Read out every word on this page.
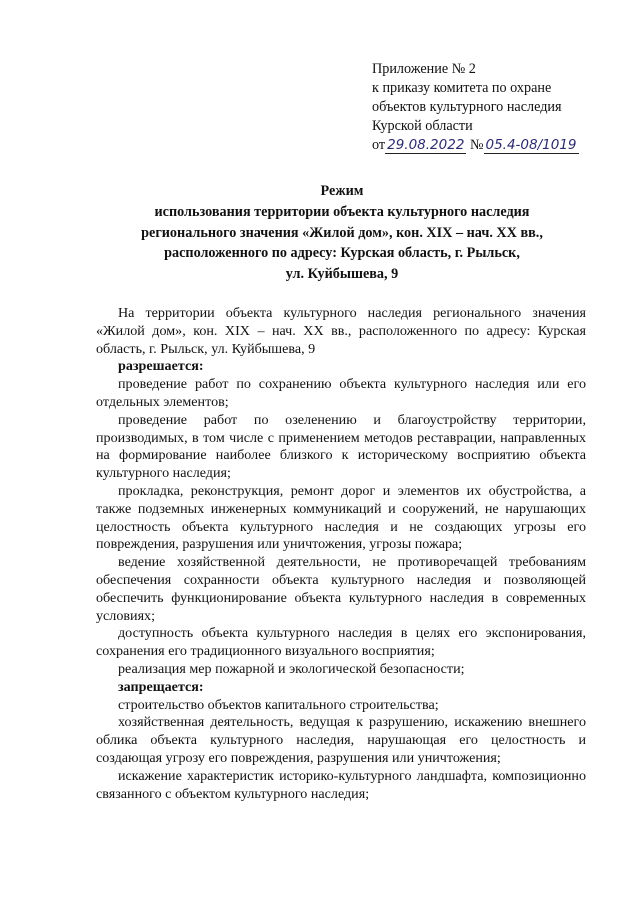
Приложение № 2
к приказу комитета по охране
объектов культурного наследия
Курской области
от 29.08.2022 № 05.4-08/1019
Режим
использования территории объекта культурного наследия
регионального значения «Жилой дом», кон. XIX – нач. XX вв.,
расположенного по адресу: Курская область, г. Рыльск,
ул. Куйбышева, 9

На территории объекта культурного наследия регионального значения «Жилой дом», кон. XIX – нач. XX вв., расположенного по адресу: Курская область, г. Рыльск, ул. Куйбышева, 9

разрешается:

проведение работ по сохранению объекта культурного наследия или его отдельных элементов;

проведение работ по озеленению и благоустройству территории, производимых, в том числе с применением методов реставрации, направленных на формирование наиболее близкого к историческому восприятию объекта культурного наследия;

прокладка, реконструкция, ремонт дорог и элементов их обустройства, а также подземных инженерных коммуникаций и сооружений, не нарушающих целостность объекта культурного наследия и не создающих угрозы его повреждения, разрушения или уничтожения, угрозы пожара;

ведение хозяйственной деятельности, не противоречащей требованиям обеспечения сохранности объекта культурного наследия и позволяющей обеспечить функционирование объекта культурного наследия в современных условиях;

доступность объекта культурного наследия в целях его экспонирования, сохранения его традиционного визуального восприятия;

реализация мер пожарной и экологической безопасности;

запрещается:

строительство объектов капитального строительства;

хозяйственная деятельность, ведущая к разрушению, искажению внешнего облика объекта культурного наследия, нарушающая его целостность и создающая угрозу его повреждения, разрушения или уничтожения;

искажение характеристик историко-культурного ландшафта, композиционно связанного с объектом культурного наследия;
